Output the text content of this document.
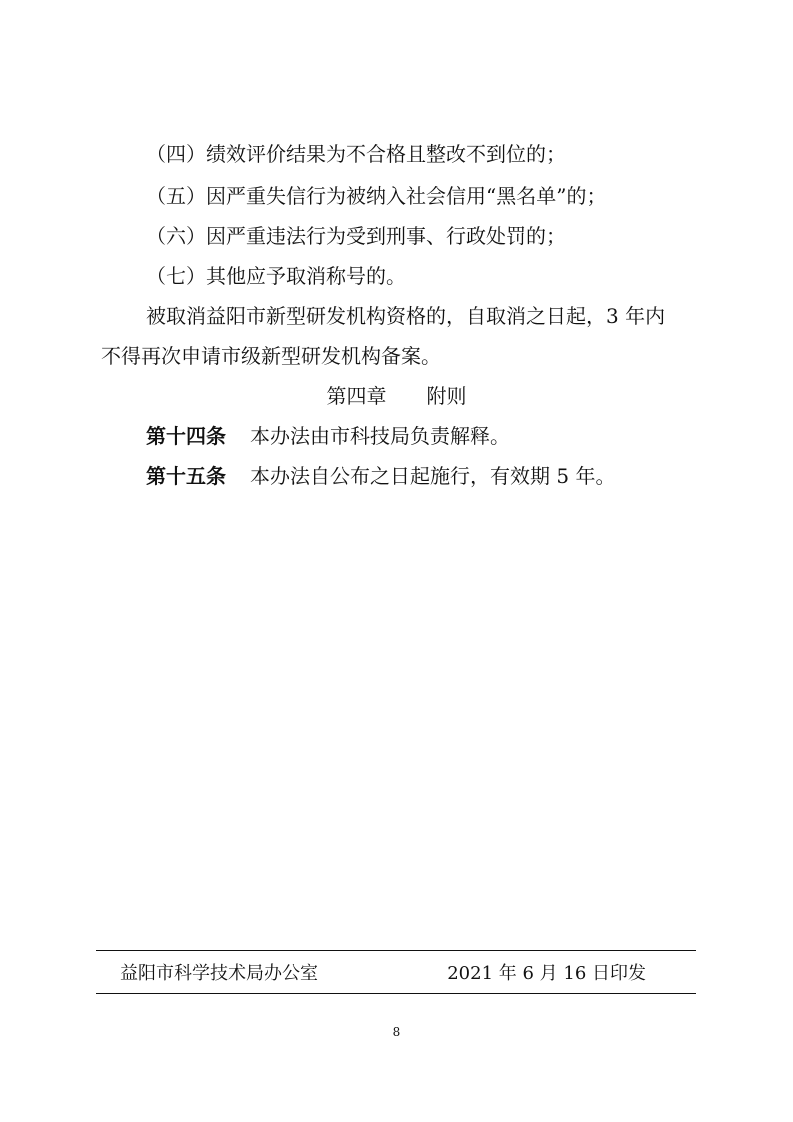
（四）绩效评价结果为不合格且整改不到位的；
（五）因严重失信行为被纳入社会信用“黑名单”的；
（六）因严重违法行为受到刑事、行政处罚的；
（七）其他应予取消称号的。
被取消益阳市新型研发机构资格的，自取消之日起，3 年内
不得再次申请市级新型研发机构备案。
第四章 附则
第十四条 本办法由市科技局负责解释。
第十五条 本办法自公布之日起施行，有效期 5 年。
益阳市科学技术局办公室	2021 年 6 月 16 日印发
8
